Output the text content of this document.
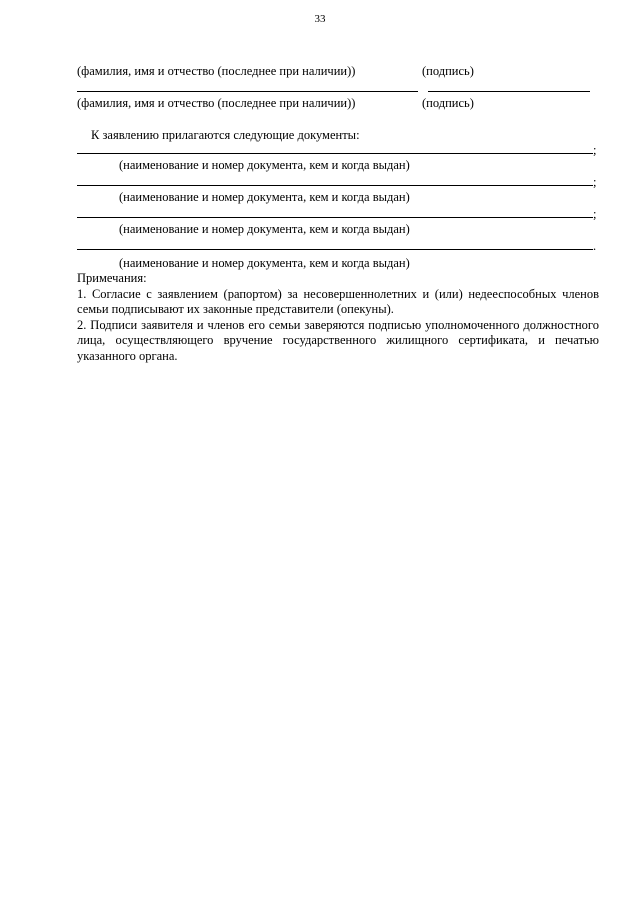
33
(фамилия, имя и отчество (последнее при наличии))	(подпись)
(фамилия, имя и отчество (последнее при наличии))	(подпись)
К заявлению прилагаются следующие документы:
;
(наименование и номер документа, кем и когда выдан)
;
(наименование и номер документа, кем и когда выдан)
;
(наименование и номер документа, кем и когда выдан)
.
(наименование и номер документа, кем и когда выдан)

Примечания:

1. Согласие с заявлением (рапортом) за несовершеннолетних и (или) недееспособных членов семьи подписывают их законные представители (опекуны).

2. Подписи заявителя и членов его семьи заверяются подписью уполномоченного должностного лица, осуществляющего вручение государственного жилищного сертификата, и печатью указанного органа.
